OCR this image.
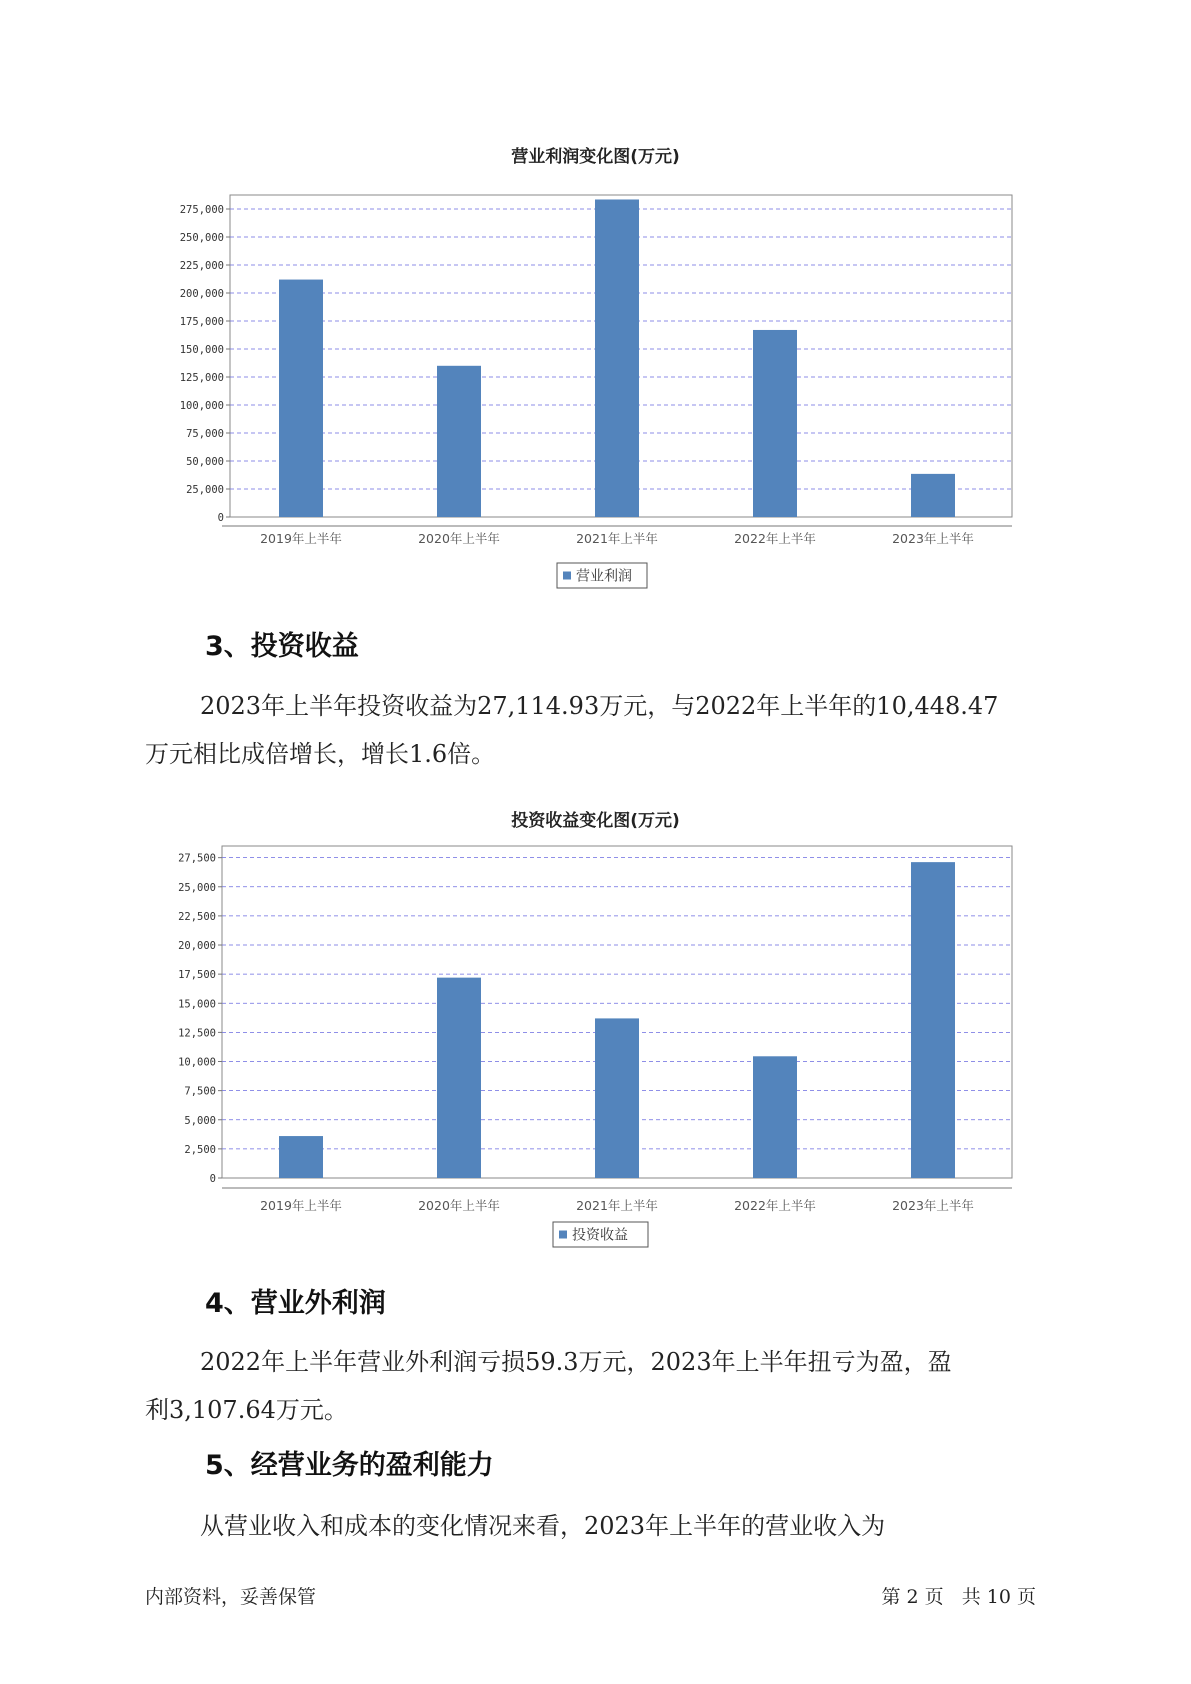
营业利润变化图(万元)
0
25,000
50,000
75,000
100,000
125,000
150,000
175,000
200,000
225,000
250,000
275,000
2019年上半年	2020年上半年	2021年上半年	2022年上半年	2023年上半年
营业利润
3、投资收益
2023年上半年投资收益为27,114.93万元，与2022年上半年的10,448.47
万元相比成倍增长，增长1.6倍。
投资收益变化图(万元)
0
2,500
5,000
7,500
10,000
12,500
15,000
17,500
20,000
22,500
25,000
27,500
2019年上半年	2020年上半年	2021年上半年	2022年上半年	2023年上半年
投资收益
4、营业外利润
2022年上半年营业外利润亏损59.3万元，2023年上半年扭亏为盈，盈
利3,107.64万元。
5、经营业务的盈利能力
从营业收入和成本的变化情况来看，2023年上半年的营业收入为
内部资料，妥善保管	第 2 页   共 10 页
